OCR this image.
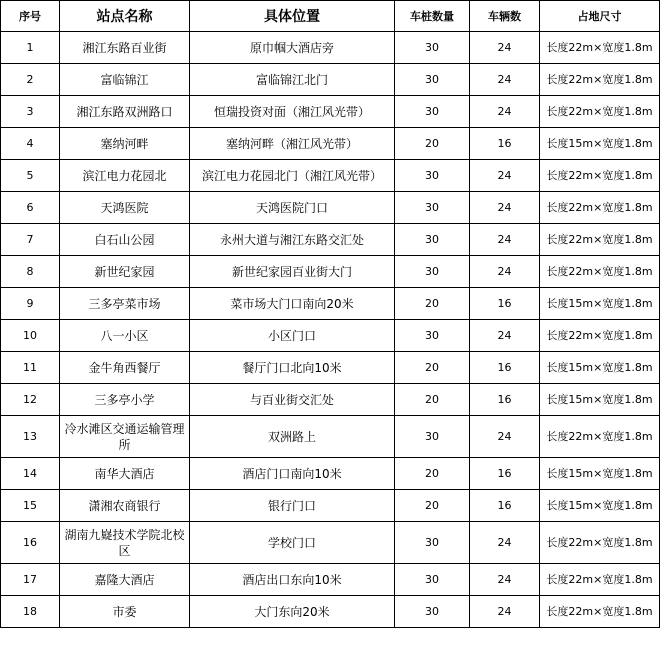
序号	站点名称	具体位置	车桩数量	车辆数	占地尺寸
1	湘江东路百业街	原巾帼大酒店旁	30	24	长度22m×宽度1.8m
2	富临锦江	富临锦江北门	30	24	长度22m×宽度1.8m
3	湘江东路双洲路口	恒瑞投资对面（湘江风光带）	30	24	长度22m×宽度1.8m
4	塞纳河畔	塞纳河畔（湘江风光带）	20	16	长度15m×宽度1.8m
5	滨江电力花园北	滨江电力花园北门（湘江风光带）	30	24	长度22m×宽度1.8m
6	天鸿医院	天鸿医院门口	30	24	长度22m×宽度1.8m
7	白石山公园	永州大道与湘江东路交汇处	30	24	长度22m×宽度1.8m
8	新世纪家园	新世纪家园百业街大门	30	24	长度22m×宽度1.8m
9	三多亭菜市场	菜市场大门口南向20米	20	16	长度15m×宽度1.8m
10	八一小区	小区门口	30	24	长度22m×宽度1.8m
11	金牛角西餐厅	餐厅门口北向10米	20	16	长度15m×宽度1.8m
12	三多亭小学	与百业街交汇处	20	16	长度15m×宽度1.8m
13	冷水滩区交通运输管理所	双洲路上	30	24	长度22m×宽度1.8m
14	南华大酒店	酒店门口南向10米	20	16	长度15m×宽度1.8m
15	潇湘农商银行	银行门口	20	16	长度15m×宽度1.8m
16	湖南九嶷技术学院北校区	学校门口	30	24	长度22m×宽度1.8m
17	嘉隆大酒店	酒店出口东向10米	30	24	长度22m×宽度1.8m
18	市委	大门东向20米	30	24	长度22m×宽度1.8m
